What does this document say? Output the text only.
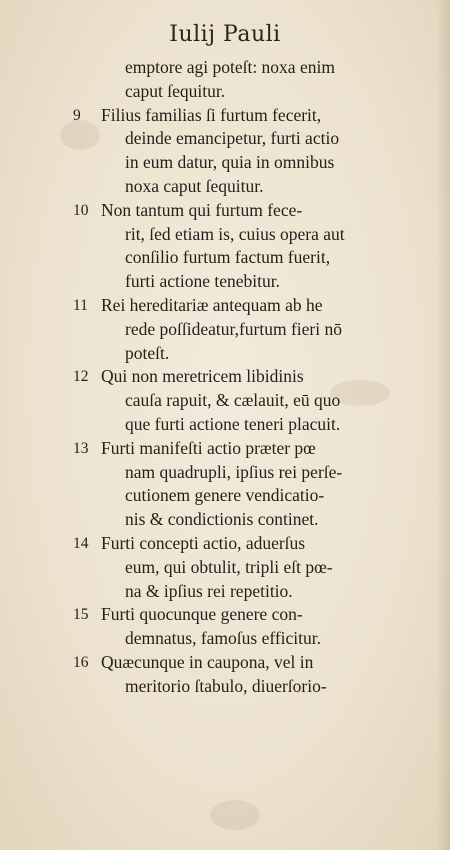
Iulij Pauli
emptore agi poteſt: noxa enim
caput ſequitur.
9	Filius familias ſi furtum fecerit,
deinde emancipetur, furti actio
in eum datur, quia in omnibus
noxa caput ſequitur.
10 Non tantum qui furtum fece-
rit, ſed etiam is, cuius opera aut
conſilio furtum factum fuerit,
furti actione tenebitur.
11 Rei hereditariæ antequam ab he
rede poſſideatur,furtum fieri nō
poteſt.
12 Qui non meretricem libidinis
cauſa rapuit, & cælauit, eū quo
que furti actione teneri placuit.
13 Furti manifeſti actio præter pœ
nam quadrupli, ipſius rei perſe-
cutionem genere vendicatio-
nis & condictionis continet.
14 Furti concepti actio, aduerſus
eum, qui obtulit, tripli eſt pœ-
na & ipſius rei repetitio.
15 Furti quocunque genere con-
demnatus, famoſus efficitur.
16 Quæcunque in caupona, vel in
meritorio ſtabulo, diuerſorio-
